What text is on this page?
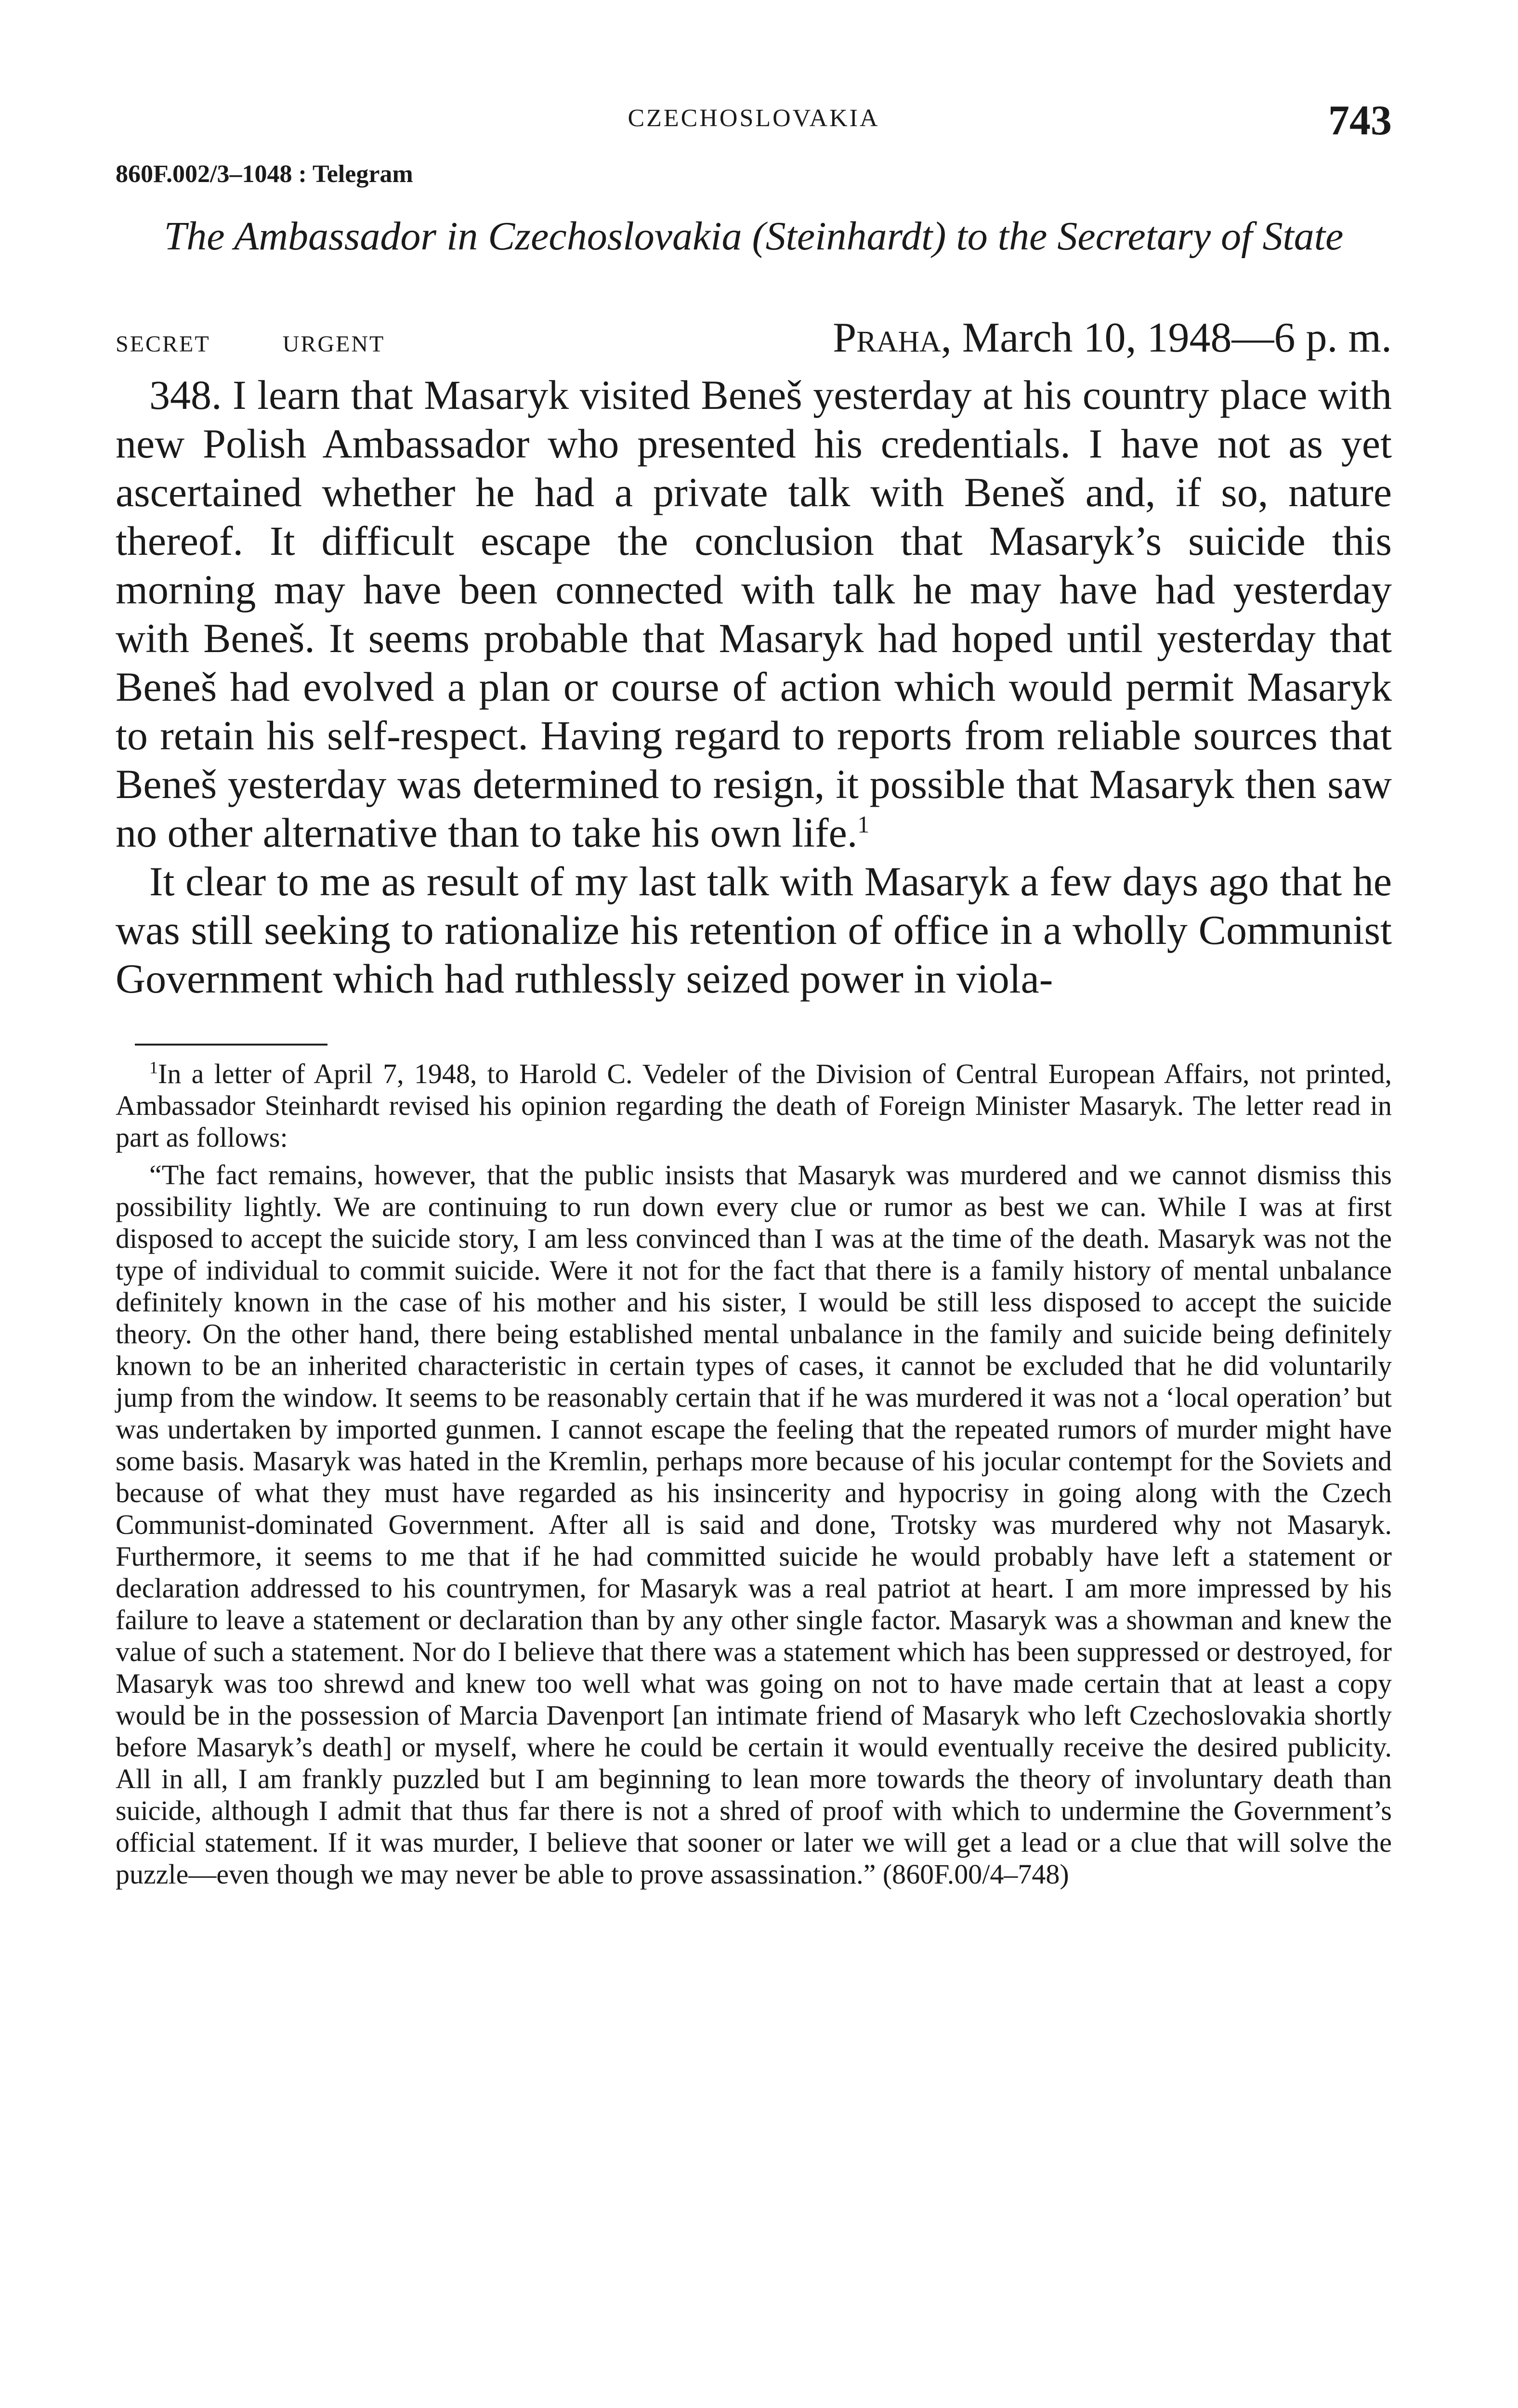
CZECHOSLOVAKIA	743
860F.002/3–1048 : Telegram
The Ambassador in Czechoslovakia (Steinhardt) to the Secretary of State
SECRET	URGENT	Praha, March 10, 1948—6 p. m.

348. I learn that Masaryk visited Beneš yesterday at his country place with new Polish Ambassador who presented his credentials. I have not as yet ascertained whether he had a private talk with Beneš and, if so, nature thereof. It difficult escape the conclusion that Masaryk’s suicide this morning may have been connected with talk he may have had yesterday with Beneš. It seems probable that Masaryk had hoped until yesterday that Beneš had evolved a plan or course of action which would permit Masaryk to retain his self-respect. Having regard to reports from reliable sources that Beneš yesterday was determined to resign, it possible that Masaryk then saw no other alternative than to take his own life.$^1$

It clear to me as result of my last talk with Masaryk a few days ago that he was still seeking to rationalize his retention of office in a wholly Communist Government which had ruthlessly seized power in viola-

$^1$In a letter of April 7, 1948, to Harold C. Vedeler of the Division of Central European Affairs, not printed, Ambassador Steinhardt revised his opinion regarding the death of Foreign Minister Masaryk. The letter read in part as follows:

“The fact remains, however, that the public insists that Masaryk was murdered and we cannot dismiss this possibility lightly. We are continuing to run down every clue or rumor as best we can. While I was at first disposed to accept the suicide story, I am less convinced than I was at the time of the death. Masaryk was not the type of individual to commit suicide. Were it not for the fact that there is a family history of mental unbalance definitely known in the case of his mother and his sister, I would be still less disposed to accept the suicide theory. On the other hand, there being established mental unbalance in the family and suicide being definitely known to be an inherited characteristic in certain types of cases, it cannot be excluded that he did voluntarily jump from the window. It seems to be reasonably certain that if he was murdered it was not a ‘local operation’ but was undertaken by imported gunmen. I cannot escape the feeling that the repeated rumors of murder might have some basis. Masaryk was hated in the Kremlin, perhaps more because of his jocular contempt for the Soviets and because of what they must have regarded as his insincerity and hypocrisy in going along with the Czech Communist-dominated Government. After all is said and done, Trotsky was murdered why not Masaryk. Furthermore, it seems to me that if he had committed suicide he would probably have left a statement or declaration addressed to his countrymen, for Masaryk was a real patriot at heart. I am more impressed by his failure to leave a statement or declaration than by any other single factor. Masaryk was a showman and knew the value of such a statement. Nor do I believe that there was a statement which has been suppressed or destroyed, for Masaryk was too shrewd and knew too well what was going on not to have made certain that at least a copy would be in the possession of Marcia Davenport [an intimate friend of Masaryk who left Czechoslovakia shortly before Masaryk’s death] or myself, where he could be certain it would eventually receive the desired publicity. All in all, I am frankly puzzled but I am beginning to lean more towards the theory of involuntary death than suicide, although I admit that thus far there is not a shred of proof with which to undermine the Government’s official statement. If it was murder, I believe that sooner or later we will get a lead or a clue that will solve the puzzle—even though we may never be able to prove assassination.” (860F.00/4–748)
